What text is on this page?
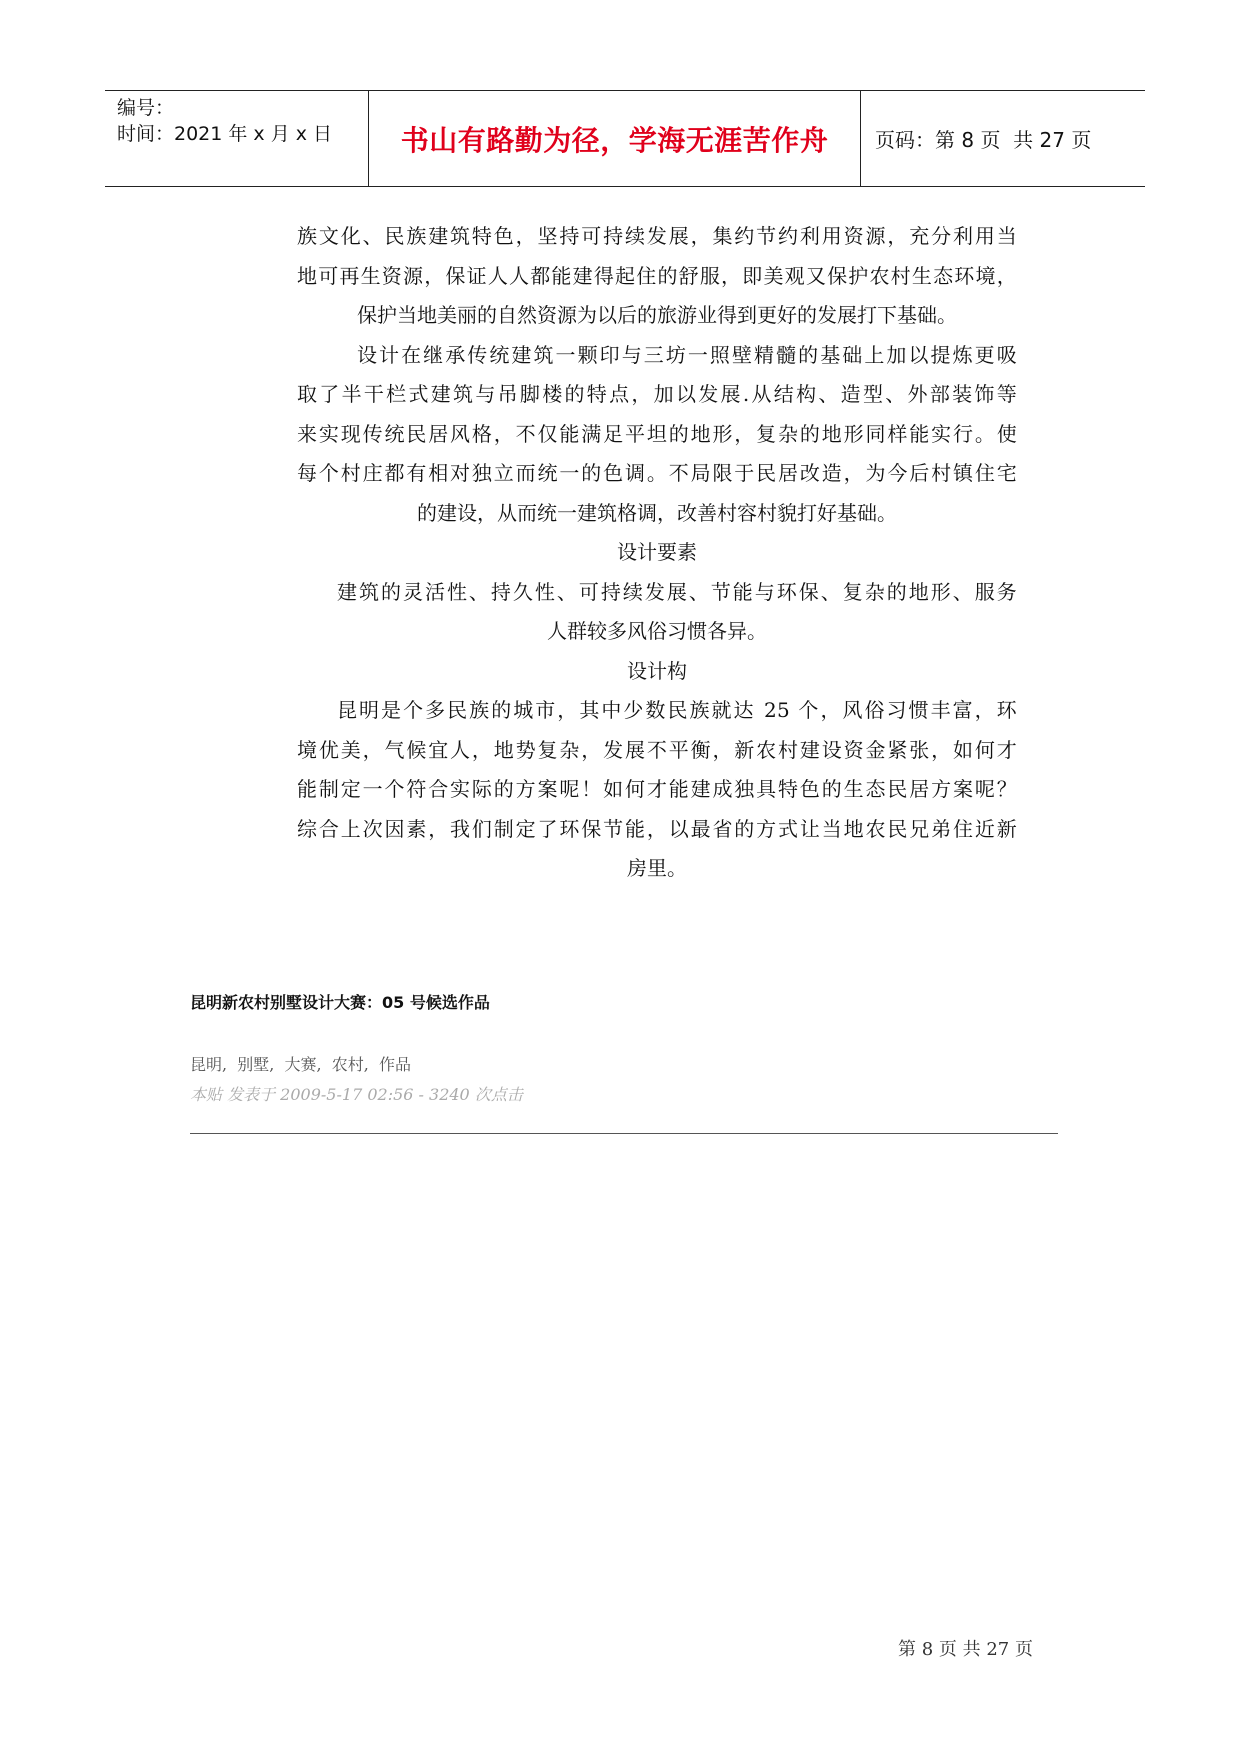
编号：
时间：2021 年 x 月 x 日	书山有路勤为径，学海无涯苦作舟	页码：第 8 页  共 27 页

族文化、民族建筑特色，坚持可持续发展，集约节约利用资源，充分利用当

地可再生资源，保证人人都能建得起住的舒服，即美观又保护农村生态环境，

保护当地美丽的自然资源为以后的旅游业得到更好的发展打下基础。

设计在继承传统建筑一颗印与三坊一照壁精髓的基础上加以提炼更吸

取了半干栏式建筑与吊脚楼的特点，加以发展.从结构、造型、外部装饰等

来实现传统民居风格，不仅能满足平坦的地形，复杂的地形同样能实行。使

每个村庄都有相对独立而统一的色调。不局限于民居改造，为今后村镇住宅

的建设，从而统一建筑格调，改善村容村貌打好基础。

设计要素

建筑的灵活性、持久性、可持续发展、节能与环保、复杂的地形、服务

人群较多风俗习惯各异。

设计构

昆明是个多民族的城市，其中少数民族就达 25 个，风俗习惯丰富，环

境优美，气候宜人，地势复杂，发展不平衡，新农村建设资金紧张，如何才

能制定一个符合实际的方案呢！如何才能建成独具特色的生态民居方案呢？

综合上次因素，我们制定了环保节能，以最省的方式让当地农民兄弟住近新

房里。

昆明新农村别墅设计大赛：05 号候选作品
昆明,  别墅,  大赛,  农村,  作品
本贴 发表于 2009-5-17 02:56 - 3240 次点击
第 8 页 共 27 页
